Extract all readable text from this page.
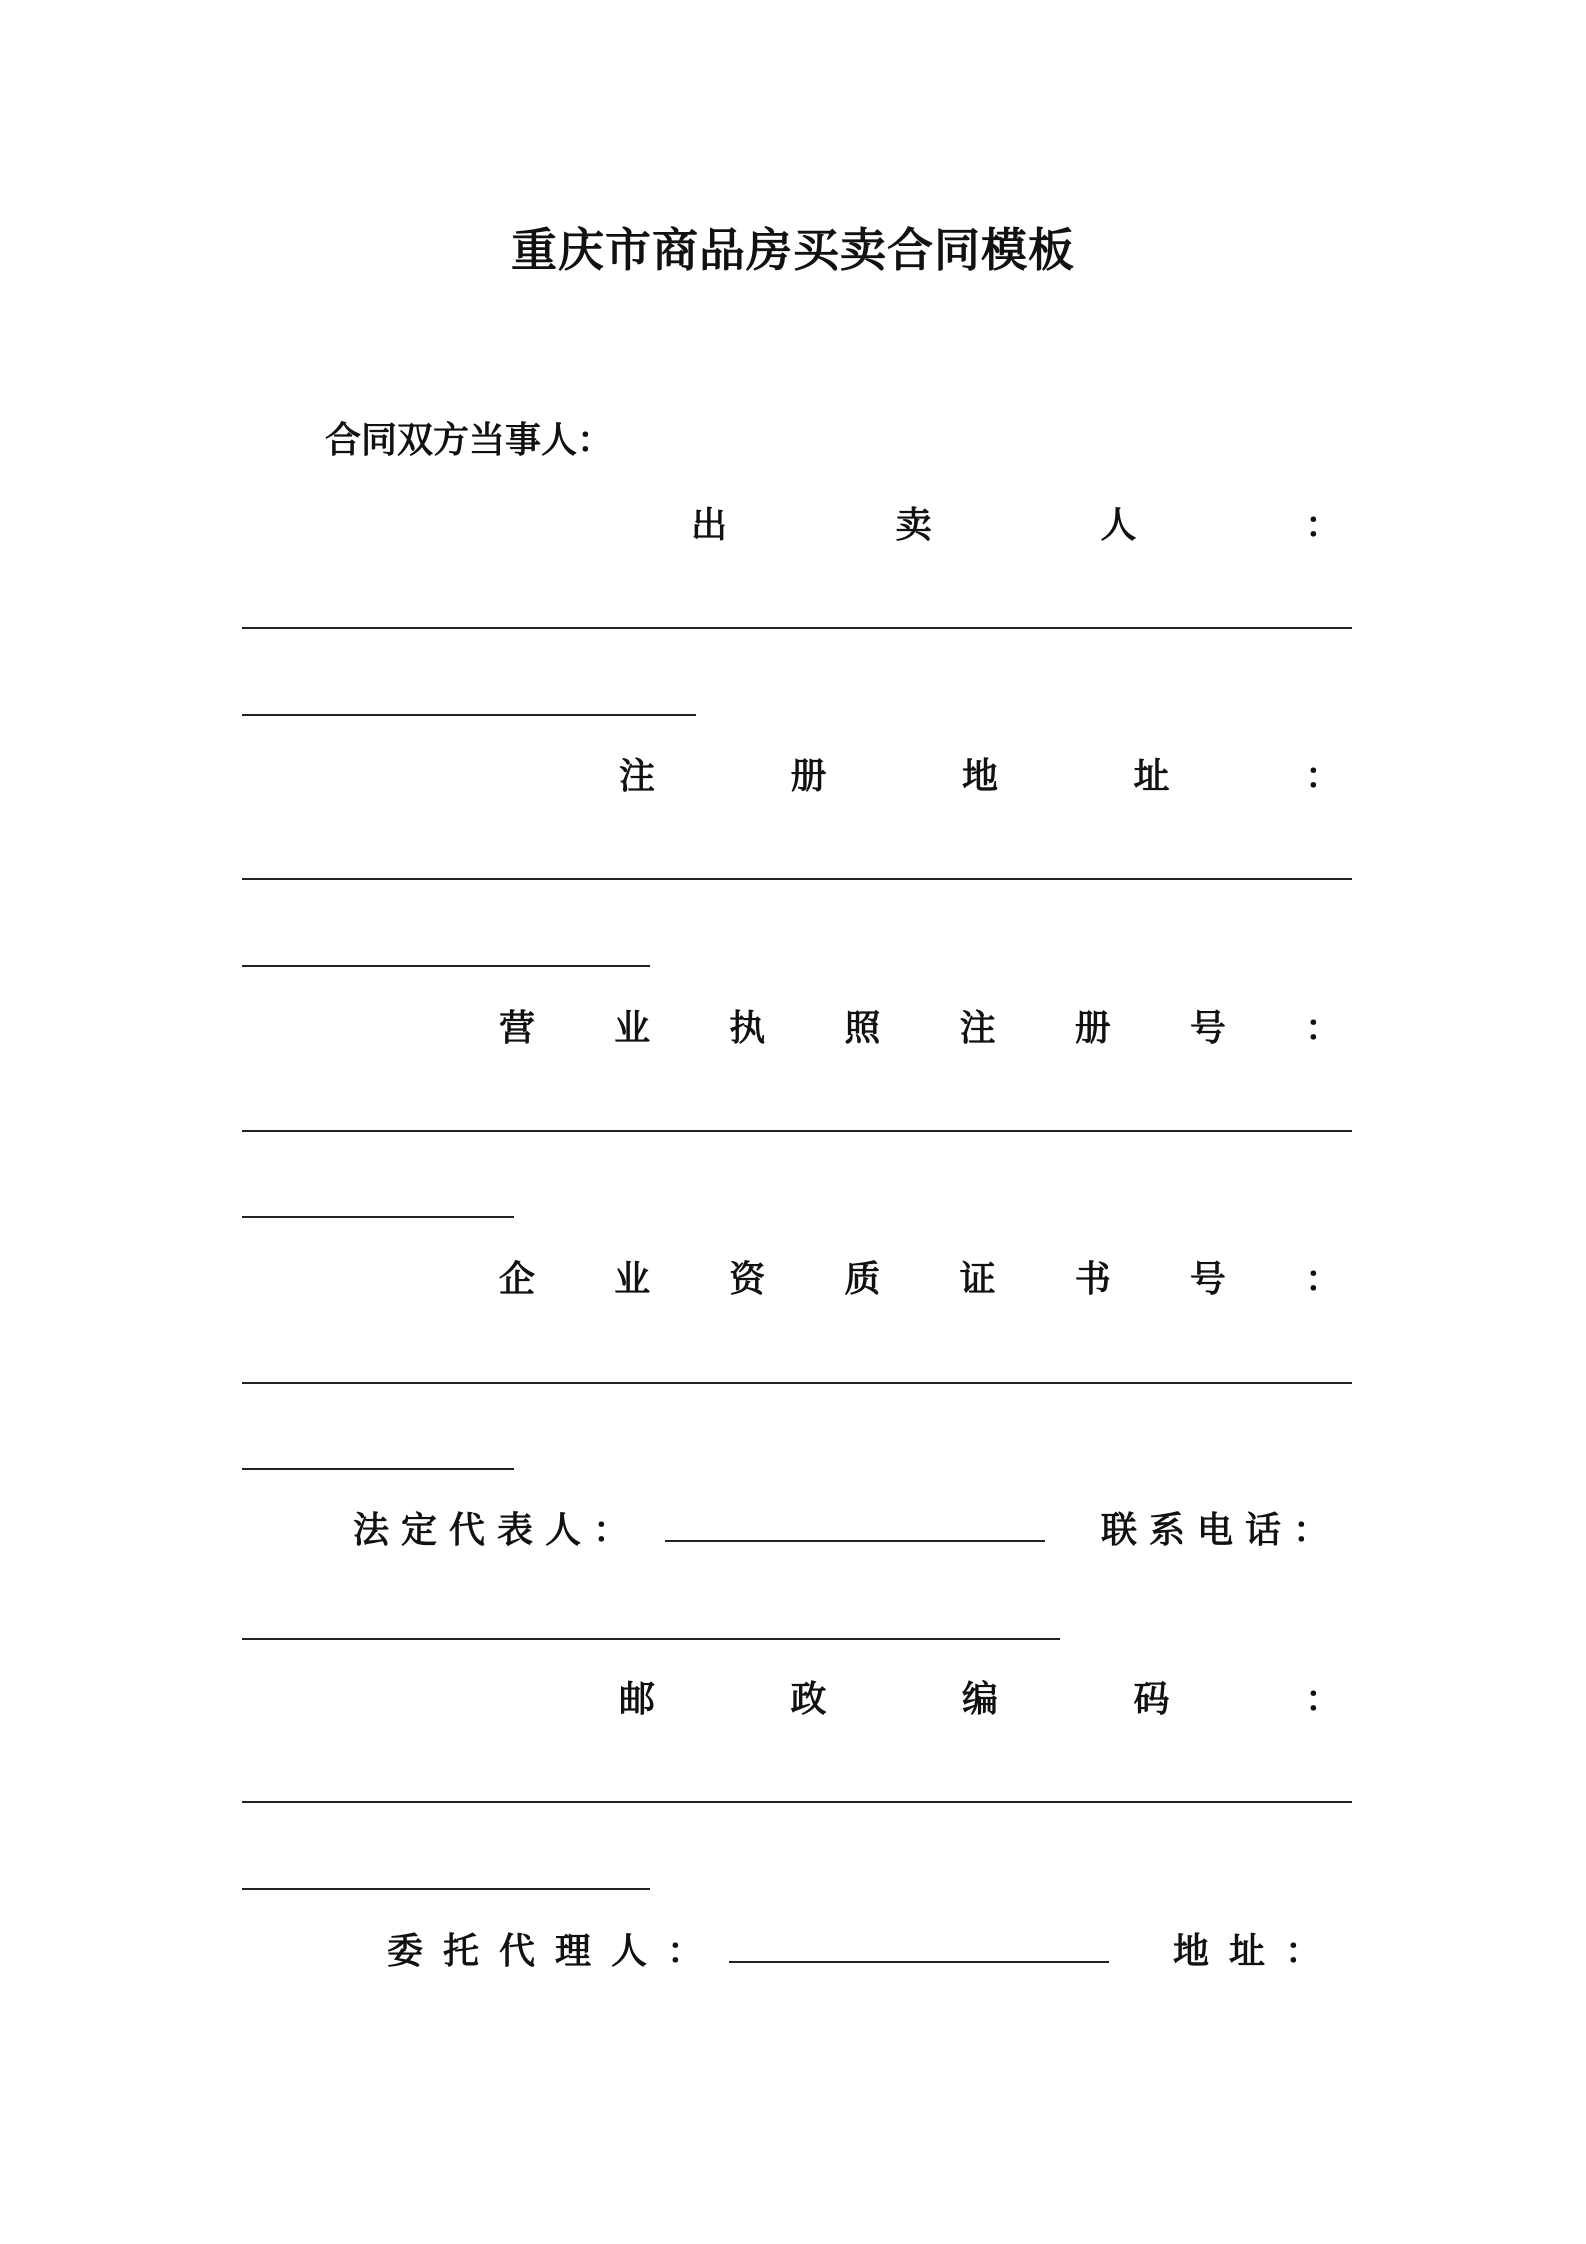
重庆市商品房买卖合同模板
合同双方当事人：
出	卖	人	：
注	册	地	址	：
营 业 执 照 注 册 号 ：
企 业 资 质 证 书 号 ：
法定代表人：	联系电话：
邮	政	编	码	：
委托代理人：	地址：
